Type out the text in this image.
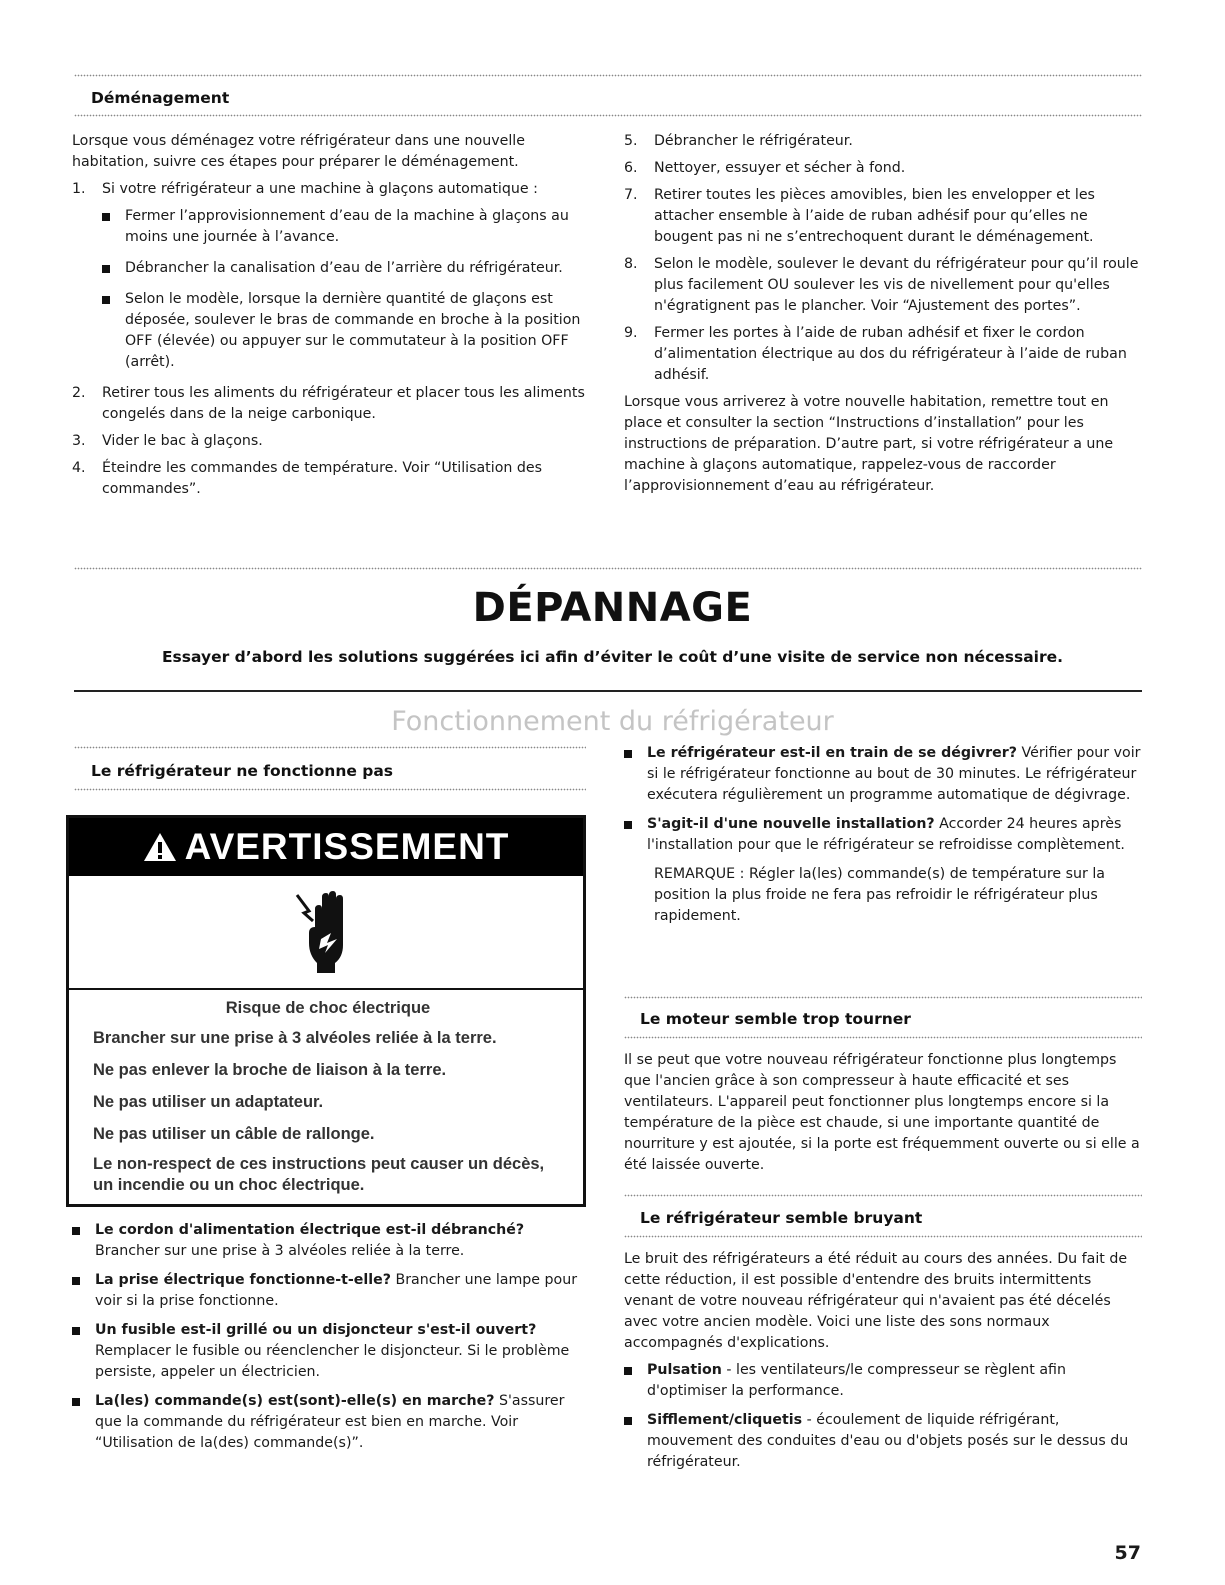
Déménagement

Lorsque vous déménagez votre réfrigérateur dans une nouvelle habitation, suivre ces étapes pour préparer le déménagement.

1.	Si votre réfrigérateur a une machine à glaçons automatique :
Fermer l’approvisionnement d’eau de la machine à glaçons au moins une journée à l’avance.
Débrancher la canalisation d’eau de l’arrière du réfrigérateur.
Selon le modèle, lorsque la dernière quantité de glaçons est déposée, soulever le bras de commande en broche à la position OFF (élevée) ou appuyer sur le commutateur à la position OFF (arrêt).
2.	Retirer tous les aliments du réfrigérateur et placer tous les aliments congelés dans de la neige carbonique.
3.	Vider le bac à glaçons.
4.	Éteindre les commandes de température. Voir “Utilisation des commandes”.
5.	Débrancher le réfrigérateur.
6.	Nettoyer, essuyer et sécher à fond.
7.	Retirer toutes les pièces amovibles, bien les envelopper et les attacher ensemble à l’aide de ruban adhésif pour qu’elles ne bougent pas ni ne s’entrechoquent durant le déménagement.
8.	Selon le modèle, soulever le devant du réfrigérateur pour qu’il roule plus facilement OU soulever les vis de nivellement pour qu'elles n'égratignent pas le plancher. Voir “Ajustement des portes”.
9.	Fermer les portes à l’aide de ruban adhésif et fixer le cordon d’alimentation électrique au dos du réfrigérateur à l’aide de ruban adhésif.

Lorsque vous arriverez à votre nouvelle habitation, remettre tout en place et consulter la section “Instructions d’installation” pour les instructions de préparation. D’autre part, si votre réfrigérateur a une machine à glaçons automatique, rappelez-vous de raccorder l’approvisionnement d’eau au réfrigérateur.

DÉPANNAGE
Essayer d’abord les solutions suggérées ici afin d’éviter le coût d’une visite de service non nécessaire.
Fonctionnement du réfrigérateur
Le réfrigérateur ne fonctionne pas
AVERTISSEMENT
Risque de choc électrique
Brancher sur une prise à 3 alvéoles reliée à la terre.
Ne pas enlever la broche de liaison à la terre.
Ne pas utiliser un adaptateur.
Ne pas utiliser un câble de rallonge.
Le non-respect de ces instructions peut causer un décès, un incendie ou un choc électrique.
Le cordon d'alimentation électrique est-il débranché? Brancher sur une prise à 3 alvéoles reliée à la terre.
La prise électrique fonctionne-t-elle? Brancher une lampe pour voir si la prise fonctionne.
Un fusible est-il grillé ou un disjoncteur s'est-il ouvert? Remplacer le fusible ou réenclencher le disjoncteur. Si le problème persiste, appeler un électricien.
La(les) commande(s) est(sont)-elle(s) en marche? S'assurer que la commande du réfrigérateur est bien en marche. Voir “Utilisation de la(des) commande(s)”.
Le réfrigérateur est-il en train de se dégivrer? Vérifier pour voir si le réfrigérateur fonctionne au bout de 30 minutes. Le réfrigérateur exécutera régulièrement un programme automatique de dégivrage.
S'agit-il d'une nouvelle installation? Accorder 24 heures après l'installation pour que le réfrigérateur se refroidisse complètement.

REMARQUE : Régler la(les) commande(s) de température sur la position la plus froide ne fera pas refroidir le réfrigérateur plus rapidement.

Le moteur semble trop tourner
Il se peut que votre nouveau réfrigérateur fonctionne plus longtemps que l'ancien grâce à son compresseur à haute efficacité et ses ventilateurs. L'appareil peut fonctionner plus longtemps encore si la température de la pièce est chaude, si une importante quantité de nourriture y est ajoutée, si la porte est fréquemment ouverte ou si elle a été laissée ouverte.
Le réfrigérateur semble bruyant

Le bruit des réfrigérateurs a été réduit au cours des années. Du fait de cette réduction, il est possible d'entendre des bruits intermittents venant de votre nouveau réfrigérateur qui n'avaient pas été décelés avec votre ancien modèle. Voici une liste des sons normaux accompagnés d'explications.

Pulsation - les ventilateurs/le compresseur se règlent afin d'optimiser la performance.
Sifflement/cliquetis - écoulement de liquide réfrigérant, mouvement des conduites d'eau ou d'objets posés sur le dessus du réfrigérateur.
57
